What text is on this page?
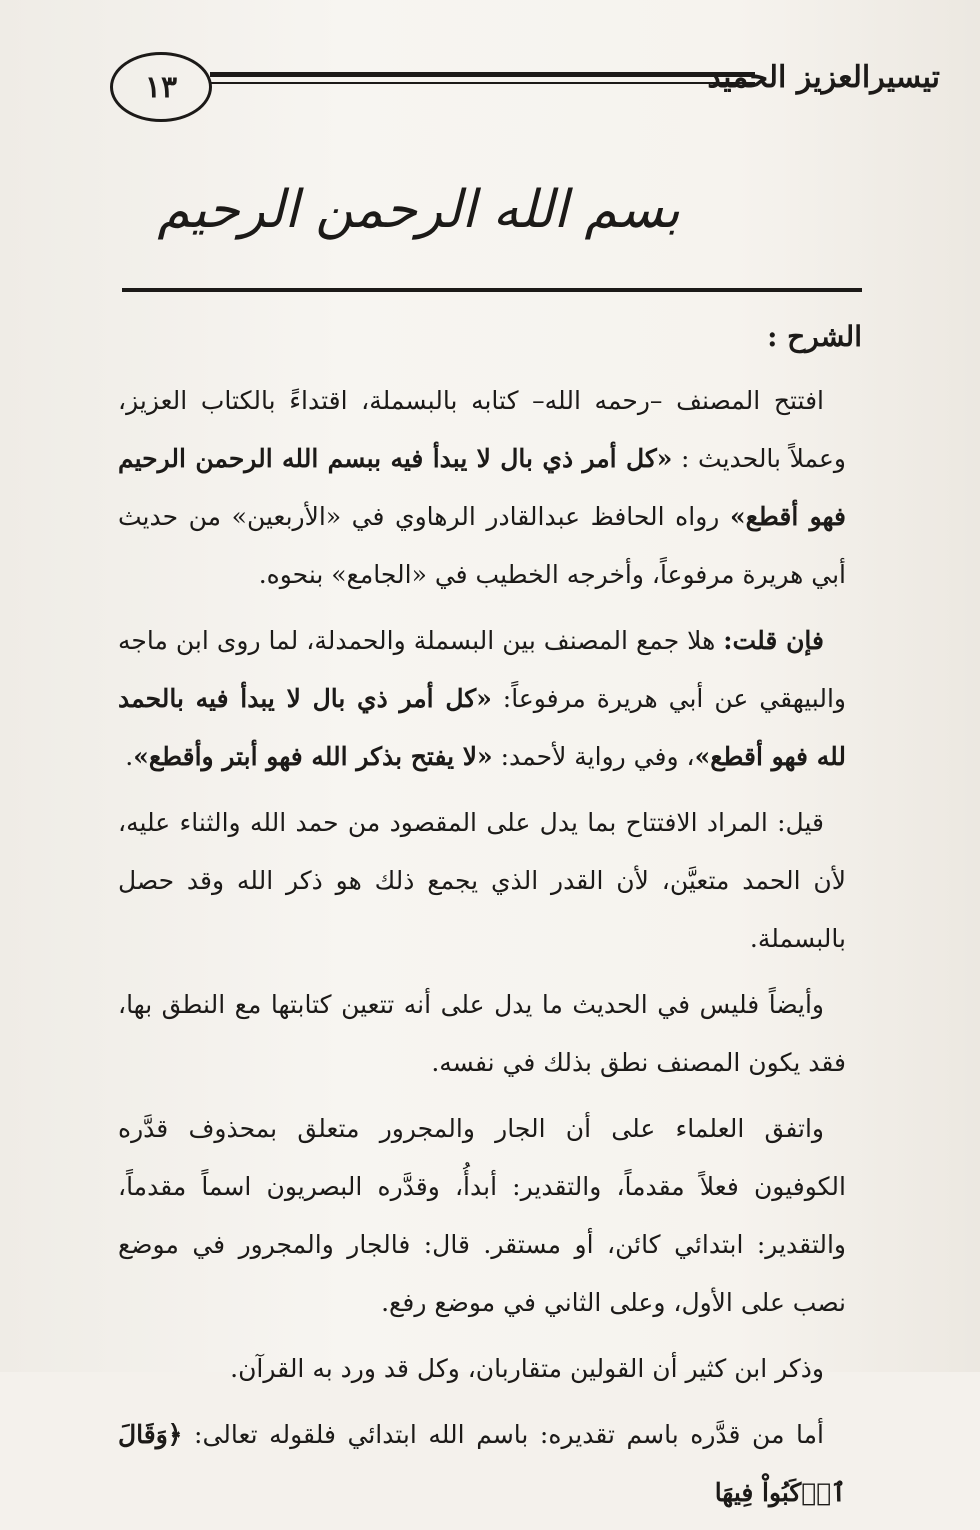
١٣	تيسيرالعزيز الحميد
بسم الله الرحمن الرحيم
الشرح :

افتتح المصنف –رحمه الله– كتابه بالبسملة، اقتداءً بالكتاب العزيز، وعملاً بالحديث : «كل أمر ذي بال لا يبدأ فيه ببسم الله الرحمن الرحيم فهو أقطع» رواه الحافظ عبدالقادر الرهاوي في «الأربعين» من حديث أبي هريرة مرفوعاً، وأخرجه الخطيب في «الجامع» بنحوه.

فإن قلت: هلا جمع المصنف بين البسملة والحمدلة، لما روى ابن ماجه والبيهقي عن أبي هريرة مرفوعاً: «كل أمر ذي بال لا يبدأ فيه بالحمد لله فهو أقطع»، وفي رواية لأحمد: «لا يفتح بذكر الله فهو أبتر وأقطع».

قيل: المراد الافتتاح بما يدل على المقصود من حمد الله والثناء عليه، لأن الحمد متعيَّن، لأن القدر الذي يجمع ذلك هو ذكر الله وقد حصل بالبسملة.

وأيضاً فليس في الحديث ما يدل على أنه تتعين كتابتها مع النطق بها، فقد يكون المصنف نطق بذلك في نفسه.

واتفق العلماء على أن الجار والمجرور متعلق بمحذوف قدَّره الكوفيون فعلاً مقدماً، والتقدير: أبدأُ، وقدَّره البصريون اسماً مقدماً، والتقدير: ابتدائي كائن، أو مستقر. قال: فالجار والمجرور في موضع نصب على الأول، وعلى الثاني في موضع رفع.

وذكر ابن كثير أن القولين متقاربان، وكل قد ورد به القرآن.

أما من قدَّره باسم تقديره: باسم الله ابتدائي فلقوله تعالى: ﴿وَقَالَ ٱرۡكَبُواْ فِيهَا
